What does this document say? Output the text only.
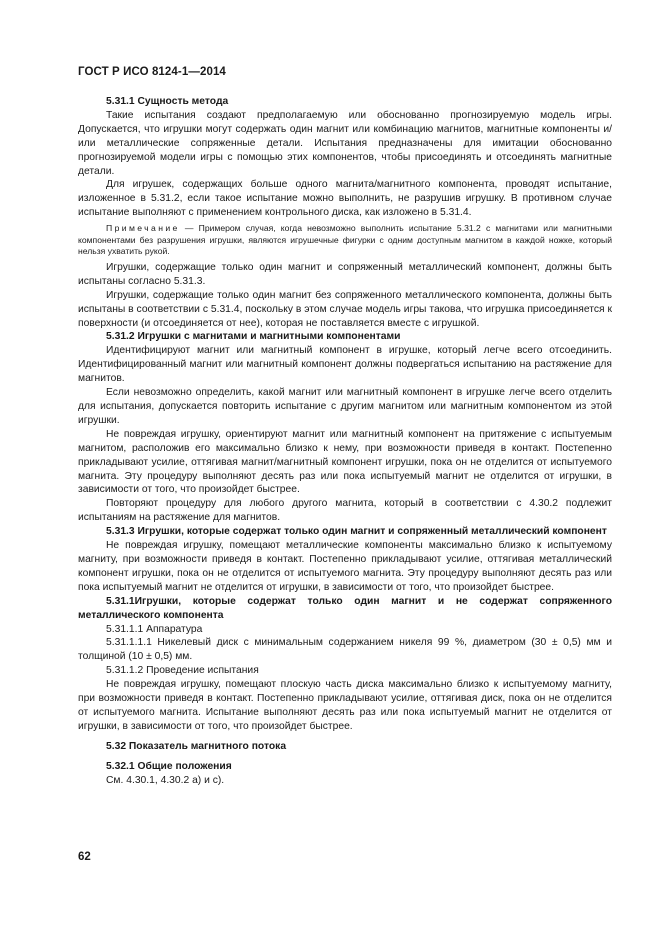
ГОСТ Р ИСО 8124-1—2014
5.31.1 Сущность метода

Такие испытания создают предполагаемую или обоснованно прогнозируемую модель игры. Допускается, что игрушки могут содержать один магнит или комбинацию магнитов, магнитные компоненты и/или металлические сопряженные детали. Испытания предназначены для имитации обоснованно прогнозируемой модели игры с помощью этих компонентов, чтобы присоединять и отсоединять магнитные детали.

Для игрушек, содержащих больше одного магнита/магнитного компонента, проводят испытание, изложенное в 5.31.2, если такое испытание можно выполнить, не разрушив игрушку. В противном случае испытание выполняют с применением контрольного диска, как изложено в 5.31.4.

Примечание — Примером случая, когда невозможно выполнить испытание 5.31.2 с магнитами или магнитными компонентами без разрушения игрушки, являются игрушечные фигурки с одним доступным магнитом в каждой ножке, который нельзя ухватить рукой.

Игрушки, содержащие только один магнит и сопряженный металлический компонент, должны быть испытаны согласно 5.31.3.

Игрушки, содержащие только один магнит без сопряженного металлического компонента, должны быть испытаны в соответствии с 5.31.4, поскольку в этом случае модель игры такова, что игрушка присоединяется к поверхности (и отсоединяется от нее), которая не поставляется вместе с игрушкой.

5.31.2 Игрушки с магнитами и магнитными компонентами

Идентифицируют магнит или магнитный компонент в игрушке, который легче всего отсоединить. Идентифицированный магнит или магнитный компонент должны подвергаться испытанию на растяжение для магнитов.

Если невозможно определить, какой магнит или магнитный компонент в игрушке легче всего отделить для испытания, допускается повторить испытание с другим магнитом или магнитным компонентом из этой игрушки.

Не повреждая игрушку, ориентируют магнит или магнитный компонент на притяжение с испытуемым магнитом, расположив его максимально близко к нему, при возможности приведя в контакт. Постепенно прикладывают усилие, оттягивая магнит/магнитный компонент игрушки, пока он не отделится от испытуемого магнита. Эту процедуру выполняют десять раз или пока испытуемый магнит не отделится от игрушки, в зависимости от того, что произойдет быстрее.

Повторяют процедуру для любого другого магнита, который в соответствии с 4.30.2 подлежит испытаниям на растяжение для магнитов.

5.31.3 Игрушки, которые содержат только один магнит и сопряженный металлический компонент

Не повреждая игрушку, помещают металлические компоненты максимально близко к испытуемому магниту, при возможности приведя в контакт. Постепенно прикладывают усилие, оттягивая металлический компонент игрушки, пока он не отделится от испытуемого магнита. Эту процедуру выполняют десять раз или пока испытуемый магнит не отделится от игрушки, в зависимости от того, что произойдет быстрее.

5.31.1Игрушки, которые содержат только один магнит и не содержат сопряженного металлического компонента

5.31.1.1 Аппаратура

5.31.1.1.1 Никелевый диск с минимальным содержанием никеля 99 %, диаметром (30 ± 0,5) мм и толщиной (10 ± 0,5) мм.

5.31.1.2 Проведение испытания

Не повреждая игрушку, помещают плоскую часть диска максимально близко к испытуемому магниту, при возможности приведя в контакт. Постепенно прикладывают усилие, оттягивая диск, пока он не отделится от испытуемого магнита. Испытание выполняют десять раз или пока испытуемый магнит не отделится от игрушки, в зависимости от того, что произойдет быстрее.

5.32 Показатель магнитного потока
5.32.1 Общие положения

См. 4.30.1, 4.30.2 a) и c).

62
